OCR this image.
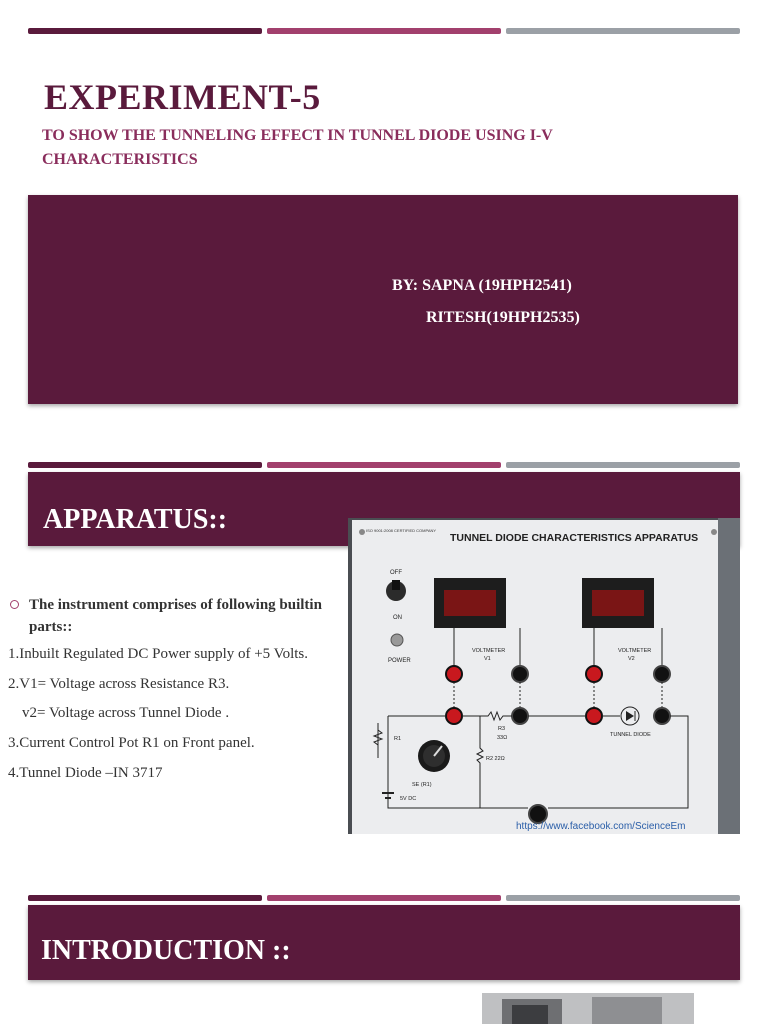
EXPERIMENT-5

TO SHOW THE TUNNELING EFFECT IN TUNNEL DIODE USING I-V CHARACTERISTICS

BY: SAPNA (19HPH2541)
RITESH(19HPH2535)
APPARATUS::
The instrument comprises of following builtin parts::
1.Inbuilt Regulated DC Power supply of +5 Volts.
2.V1= Voltage across Resistance R3.
v2= Voltage across Tunnel Diode .
3.Current Control Pot R1 on Front panel.
4.Tunnel Diode –IN 3717
ISO 9001:2008 CERTIFIED COMPANY
TUNNEL DIODE CHARACTERISTICS APPARATUS
OFF
ON
POWER
VOLTMETER
V1
VOLTMETER
V2
R3
33Ω	TUNNEL DIODE
R1
SE (R1)
R2 22Ω
5V DC
https://www.facebook.com/ScienceEm
INTRODUCTION ::
